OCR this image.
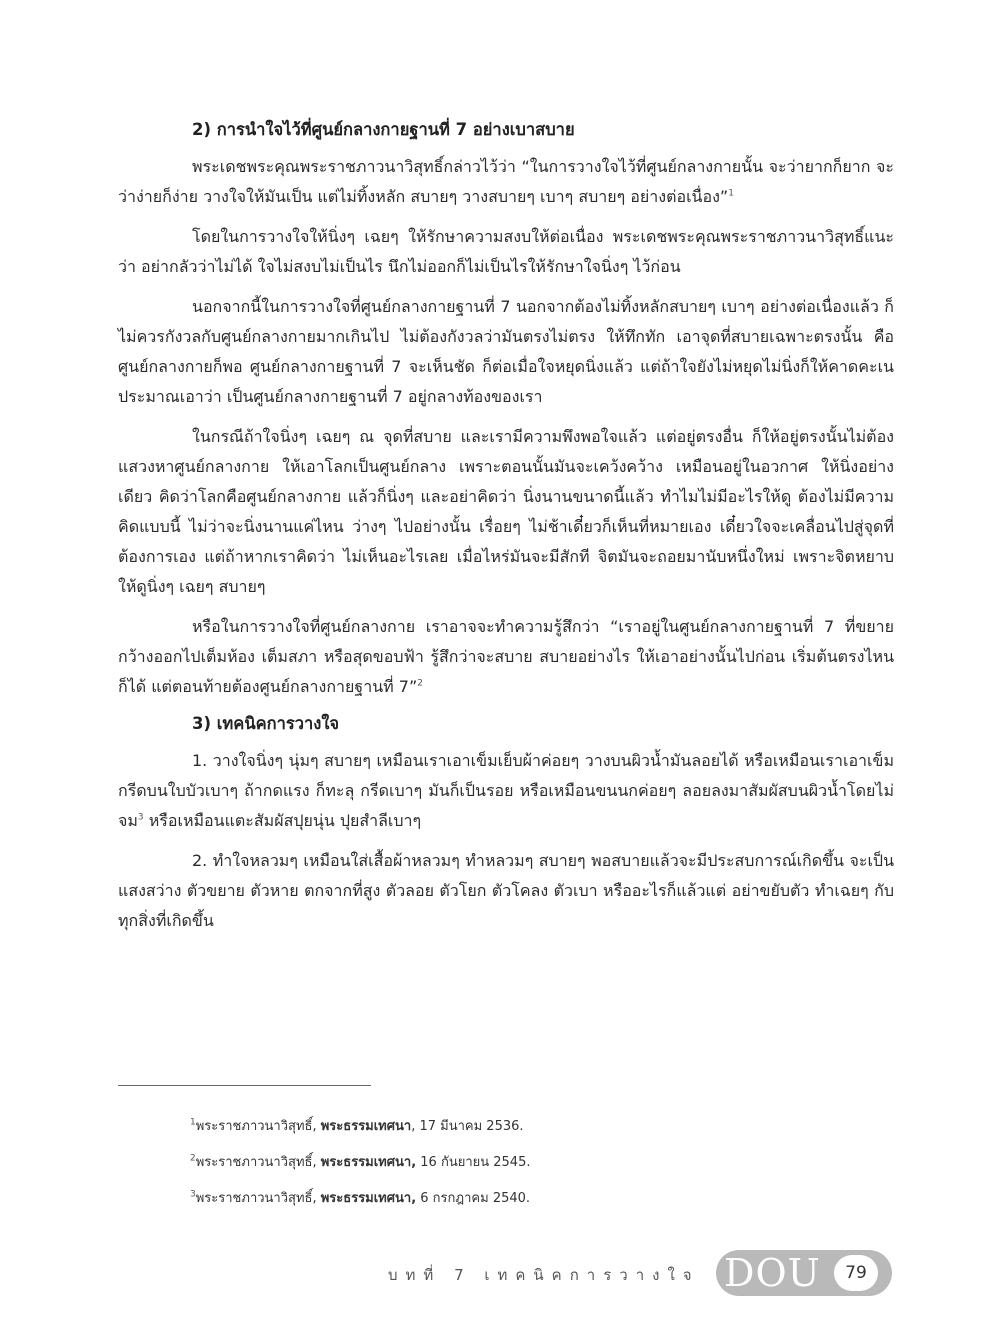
2) การนำใจไว้ที่ศูนย์กลางกายฐานที่ 7 อย่างเบาสบาย

พระเดชพระคุณพระราชภาวนาวิสุทธิ์กล่าวไว้ว่า “ในการวางใจไว้ที่ศูนย์กลางกายนั้น จะว่ายากก็ยาก จะว่าง่ายก็ง่าย วางใจให้มันเป็น แต่ไม่ทิ้งหลัก สบายๆ วางสบายๆ เบาๆ สบายๆ อย่างต่อเนื่อง”$^1$

โดยในการวางใจให้นิ่งๆ เฉยๆ ให้รักษาความสงบให้ต่อเนื่อง พระเดชพระคุณพระราชภาวนาวิสุทธิ์แนะว่า อย่ากลัวว่าไม่ได้ ใจไม่สงบไม่เป็นไร นึกไม่ออกก็ไม่เป็นไรให้รักษาใจนิ่งๆ ไว้ก่อน

นอกจากนี้ในการวางใจที่ศูนย์กลางกายฐานที่ 7 นอกจากต้องไม่ทิ้งหลักสบายๆ เบาๆ อย่างต่อเนื่องแล้ว ก็ไม่ควรกังวลกับศูนย์กลางกายมากเกินไป ไม่ต้องกังวลว่ามันตรงไม่ตรง ให้ทึกทัก เอาจุดที่สบายเฉพาะตรงนั้น คือศูนย์กลางกายก็พอ ศูนย์กลางกายฐานที่ 7 จะเห็นชัด ก็ต่อเมื่อใจหยุดนิ่งแล้ว แต่ถ้าใจยังไม่หยุดไม่นิ่งก็ให้คาดคะเนประมาณเอาว่า เป็นศูนย์กลางกายฐานที่ 7 อยู่กลางท้องของเรา

ในกรณีถ้าใจนิ่งๆ เฉยๆ ณ จุดที่สบาย และเรามีความพึงพอใจแล้ว แต่อยู่ตรงอื่น ก็ให้อยู่ตรงนั้นไม่ต้องแสวงหาศูนย์กลางกาย ให้เอาโลกเป็นศูนย์กลาง เพราะตอนนั้นมันจะเคว้งคว้าง เหมือนอยู่ในอวกาศ ให้นิ่งอย่างเดียว คิดว่าโลกคือศูนย์กลางกาย แล้วก็นิ่งๆ และอย่าคิดว่า นิ่งนานขนาดนี้แล้ว ทำไมไม่มีอะไรให้ดู ต้องไม่มีความคิดแบบนี้ ไม่ว่าจะนิ่งนานแค่ไหน ว่างๆ ไปอย่างนั้น เรื่อยๆ ไม่ช้าเดี๋ยวก็เห็นที่หมายเอง เดี๋ยวใจจะเคลื่อนไปสู่จุดที่ต้องการเอง แต่ถ้าหากเราคิดว่า ไม่เห็นอะไรเลย เมื่อไหร่มันจะมีสักที จิตมันจะถอยมานับหนึ่งใหม่ เพราะจิตหยาบ ให้ดูนิ่งๆ เฉยๆ สบายๆ

หรือในการวางใจที่ศูนย์กลางกาย เราอาจจะทำความรู้สึกว่า “เราอยู่ในศูนย์กลางกายฐานที่ 7 ที่ขยายกว้างออกไปเต็มห้อง เต็มสภา หรือสุดขอบฟ้า รู้สึกว่าจะสบาย สบายอย่างไร ให้เอาอย่างนั้นไปก่อน เริ่มต้นตรงไหนก็ได้ แต่ตอนท้ายต้องศูนย์กลางกายฐานที่ 7”$^2$

3) เทคนิคการวางใจ

1. วางใจนิ่งๆ นุ่มๆ สบายๆ เหมือนเราเอาเข็มเย็บผ้าค่อยๆ วางบนผิวน้ำมันลอยได้ หรือเหมือนเราเอาเข็มกรีดบนใบบัวเบาๆ ถ้ากดแรง ก็ทะลุ กรีดเบาๆ มันก็เป็นรอย หรือเหมือนขนนกค่อยๆ ลอยลงมาสัมผัสบนผิวน้ำโดยไม่จม$^3$ หรือเหมือนแตะสัมผัสปุยนุ่น ปุยสำลีเบาๆ

2. ทำใจหลวมๆ เหมือนใส่เสื้อผ้าหลวมๆ ทำหลวมๆ สบายๆ พอสบายแล้วจะมีประสบการณ์เกิดขึ้น จะเป็นแสงสว่าง ตัวขยาย ตัวหาย ตกจากที่สูง ตัวลอย ตัวโยก ตัวโคลง ตัวเบา หรืออะไรก็แล้วแต่ อย่าขยับตัว ทำเฉยๆ กับทุกสิ่งที่เกิดขึ้น

$^1$พระราชภาวนาวิสุทธิ์, พระธรรมเทศนา, 17 มีนาคม 2536.

$^2$พระราชภาวนาวิสุทธิ์, พระธรรมเทศนา, 16 กันยายน 2545.

$^3$พระราชภาวนาวิสุทธิ์, พระธรรมเทศนา, 6 กรกฎาคม 2540.

บทที่ 7 เทคนิคการวางใจ DOU	79
